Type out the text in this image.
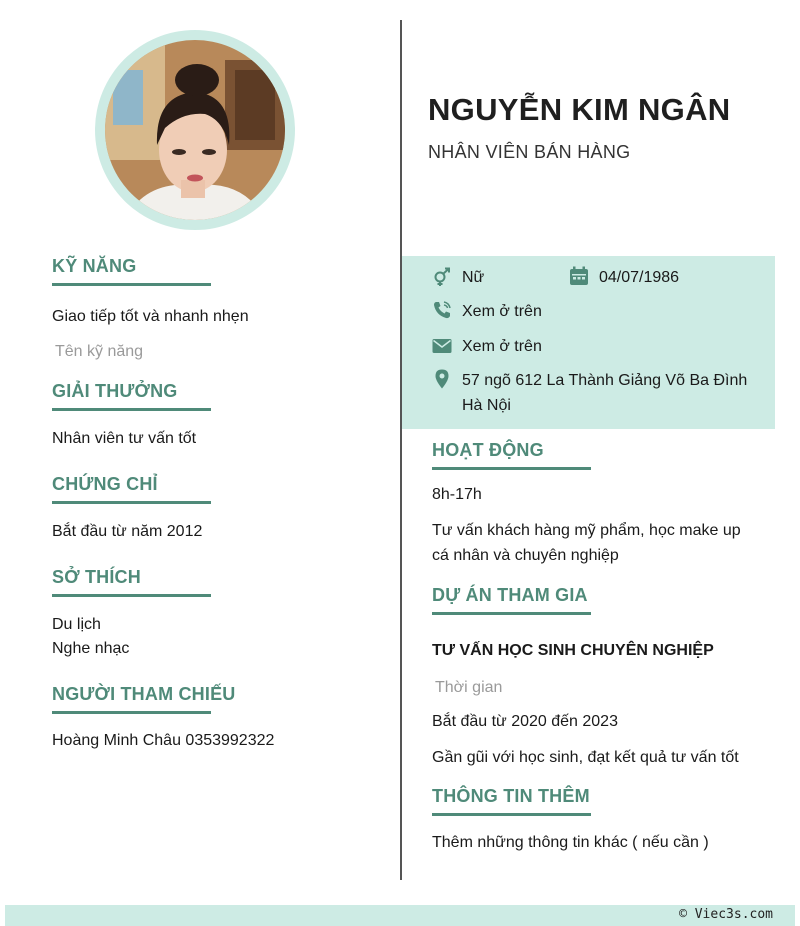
KỸ NĂNG
Giao tiếp tốt và nhanh nhẹn
Tên kỹ năng
GIẢI THƯỞNG
Nhân viên tư vấn tốt
CHỨNG CHỈ
Bắt đầu từ năm 2012
SỞ THÍCH
Du lịch
Nghe nhạc
NGƯỜI THAM CHIẾU
Hoàng Minh Châu 0353992322
NGUYỄN KIM NGÂN
NHÂN VIÊN BÁN HÀNG
Nữ	04/07/1986
Xem ở trên
Xem ở trên
57 ngõ 612 La Thành Giảng Võ Ba Đình Hà Nội
HOẠT ĐỘNG
8h-17h
Tư vấn khách hàng mỹ phẩm, học make up cá nhân và chuyên nghiệp
DỰ ÁN THAM GIA
TƯ VẤN HỌC SINH CHUYÊN NGHIỆP
Thời gian
Bắt đầu từ 2020 đến 2023
Gần gũi với học sinh, đạt kết quả tư vấn tốt
THÔNG TIN THÊM
Thêm những thông tin khác ( nếu cần )
© Viec3s.com
